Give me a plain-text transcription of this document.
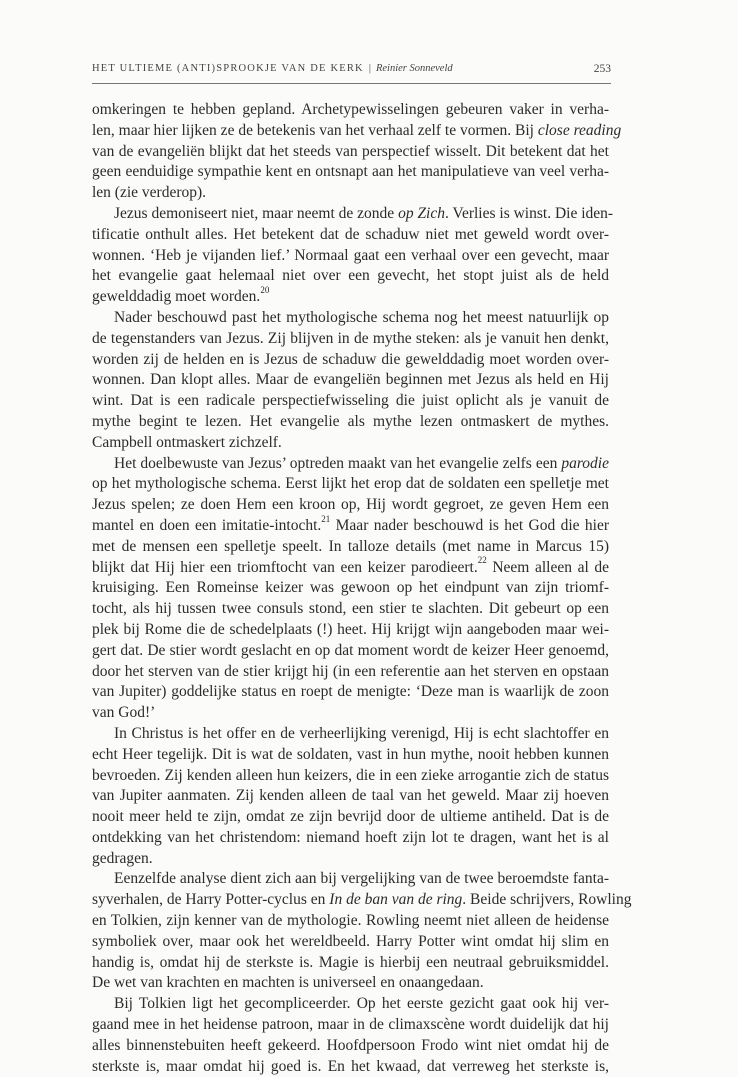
HET ULTIEME (ANTI)SPROOKJE VAN DE KERK | Reinier Sonneveld	253
omkeringen te hebben gepland. Archetypewisselingen gebeuren vaker in verha-
len, maar hier lijken ze de betekenis van het verhaal zelf te vormen. Bij close reading
van de evangeliën blijkt dat het steeds van perspectief wisselt. Dit betekent dat het
geen eenduidige sympathie kent en ontsnapt aan het manipulatieve van veel verha-
len (zie verderop).
Jezus demoniseert niet, maar neemt de zonde op Zich. Verlies is winst. Die iden-
tificatie onthult alles. Het betekent dat de schaduw niet met geweld wordt over-
wonnen. ‘Heb je vijanden lief.’ Normaal gaat een verhaal over een gevecht, maar
het evangelie gaat helemaal niet over een gevecht, het stopt juist als de held
gewelddadig moet worden.$^{20}$
Nader beschouwd past het mythologische schema nog het meest natuurlijk op
de tegenstanders van Jezus. Zij blijven in de mythe steken: als je vanuit hen denkt,
worden zij de helden en is Jezus de schaduw die gewelddadig moet worden over-
wonnen. Dan klopt alles. Maar de evangeliën beginnen met Jezus als held en Hij
wint. Dat is een radicale perspectiefwisseling die juist oplicht als je vanuit de
mythe begint te lezen. Het evangelie als mythe lezen ontmaskert de mythes.
Campbell ontmaskert zichzelf.
Het doelbewuste van Jezus’ optreden maakt van het evangelie zelfs een parodie
op het mythologische schema. Eerst lijkt het erop dat de soldaten een spelletje met
Jezus spelen; ze doen Hem een kroon op, Hij wordt gegroet, ze geven Hem een
mantel en doen een imitatie-intocht.$^{21}$ Maar nader beschouwd is het God die hier
met de mensen een spelletje speelt. In talloze details (met name in Marcus 15)
blijkt dat Hij hier een triomftocht van een keizer parodieert.$^{22}$ Neem alleen al de
kruisiging. Een Romeinse keizer was gewoon op het eindpunt van zijn triomf-
tocht, als hij tussen twee consuls stond, een stier te slachten. Dit gebeurt op een
plek bij Rome die de schedelplaats (!) heet. Hij krijgt wijn aangeboden maar wei-
gert dat. De stier wordt geslacht en op dat moment wordt de keizer Heer genoemd,
door het sterven van de stier krijgt hij (in een referentie aan het sterven en opstaan
van Jupiter) goddelijke status en roept de menigte: ‘Deze man is waarlijk de zoon
van God!’
In Christus is het offer en de verheerlijking verenigd, Hij is echt slachtoffer en
echt Heer tegelijk. Dit is wat de soldaten, vast in hun mythe, nooit hebben kunnen
bevroeden. Zij kenden alleen hun keizers, die in een zieke arrogantie zich de status
van Jupiter aanmaten. Zij kenden alleen de taal van het geweld. Maar zij hoeven
nooit meer held te zijn, omdat ze zijn bevrijd door de ultieme antiheld. Dat is de
ontdekking van het christendom: niemand hoeft zijn lot te dragen, want het is al
gedragen.
Eenzelfde analyse dient zich aan bij vergelijking van de twee beroemdste fanta-
syverhalen, de Harry Potter-cyclus en In de ban van de ring. Beide schrijvers, Rowling
en Tolkien, zijn kenner van de mythologie. Rowling neemt niet alleen de heidense
symboliek over, maar ook het wereldbeeld. Harry Potter wint omdat hij slim en
handig is, omdat hij de sterkste is. Magie is hierbij een neutraal gebruiksmiddel.
De wet van krachten en machten is universeel en onaangedaan.
Bij Tolkien ligt het gecompliceerder. Op het eerste gezicht gaat ook hij ver-
gaand mee in het heidense patroon, maar in de climaxscène wordt duidelijk dat hij
alles binnenstebuiten heeft gekeerd. Hoofdpersoon Frodo wint niet omdat hij de
sterkste is, maar omdat hij goed is. En het kwaad, dat verreweg het sterkste is,
